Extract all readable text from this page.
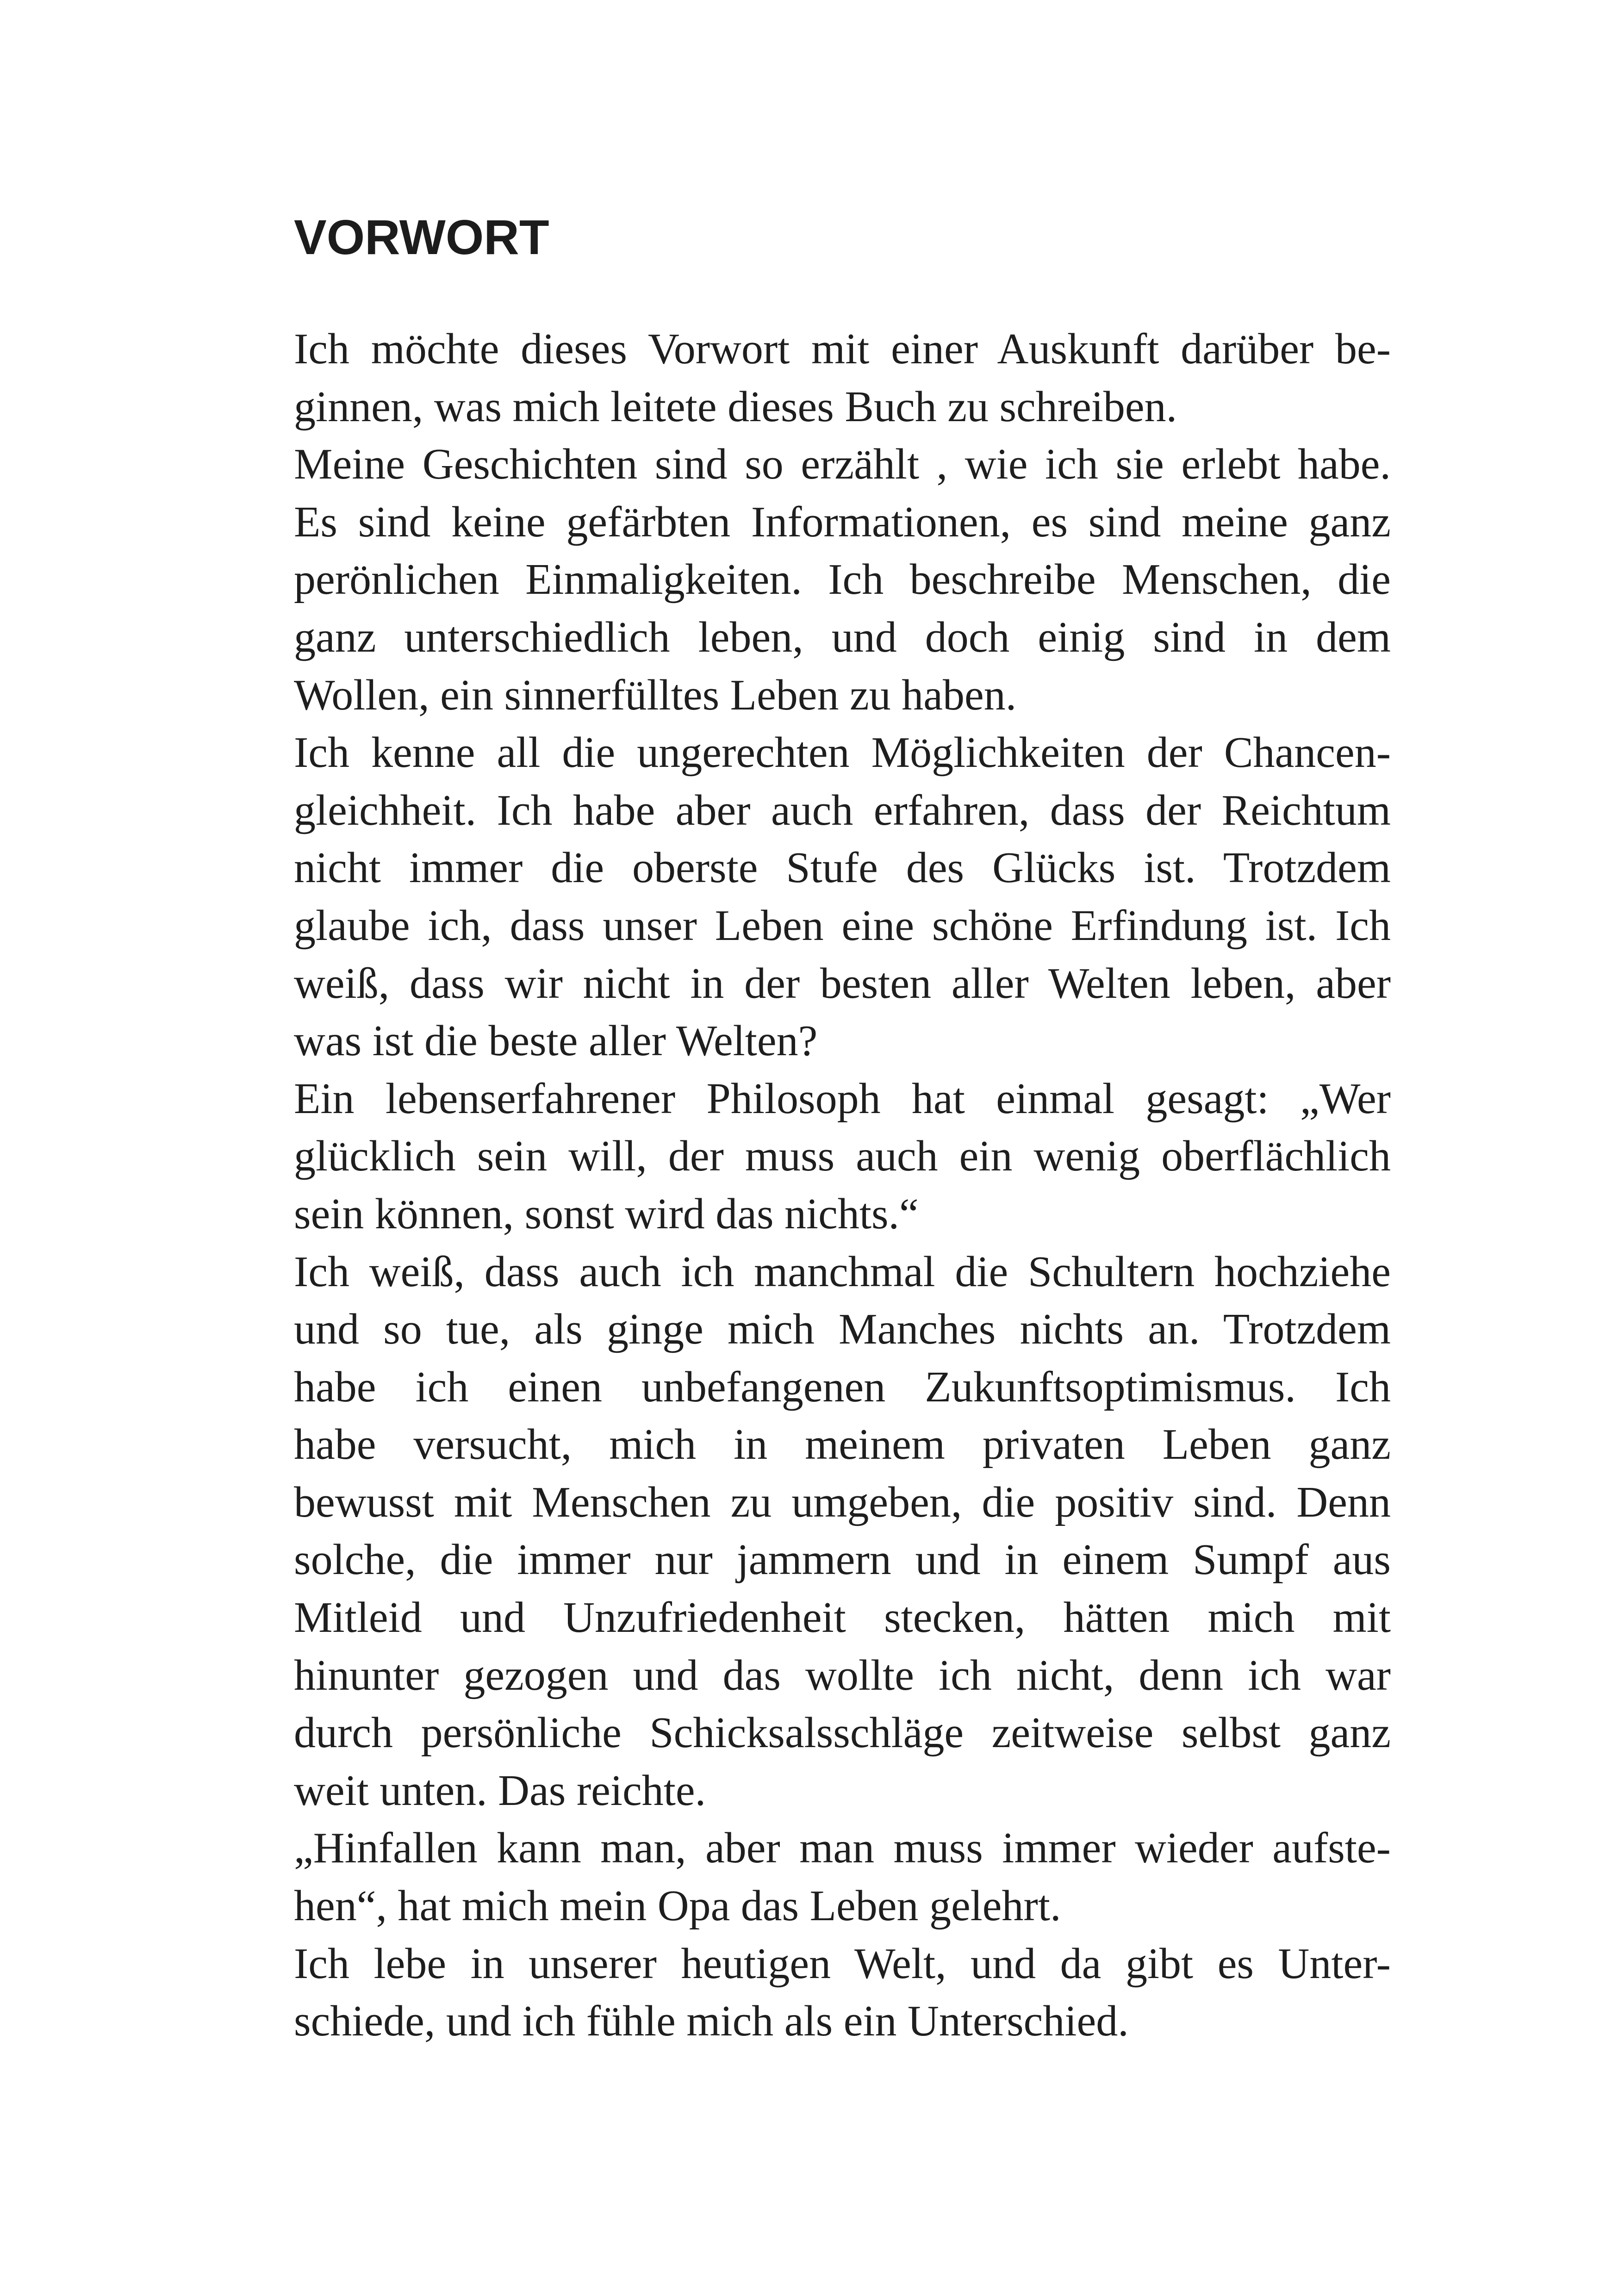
VORWORT
Ich möchte dieses Vorwort mit einer Auskunft darüber be-
ginnen, was mich leitete dieses Buch zu schreiben.
Meine Geschichten sind so erzählt , wie ich sie erlebt habe.
Es sind keine gefärbten Informationen, es sind meine ganz
perönlichen Einmaligkeiten. Ich beschreibe Menschen, die
ganz unterschiedlich leben, und doch einig sind in dem
Wollen, ein sinnerfülltes Leben zu haben.
Ich kenne all die ungerechten Möglichkeiten der Chancen-
gleichheit. Ich habe aber auch erfahren, dass der Reichtum
nicht immer die oberste Stufe des Glücks ist. Trotzdem
glaube ich, dass unser Leben eine schöne Erfindung ist. Ich
weiß, dass wir nicht in der besten aller Welten leben, aber
was ist die beste aller Welten?
Ein lebenserfahrener Philosoph hat einmal gesagt: „Wer
glücklich sein will, der muss auch ein wenig oberflächlich
sein können, sonst wird das nichts.“
Ich weiß, dass auch ich manchmal die Schultern hochziehe
und so tue, als ginge mich Manches nichts an. Trotzdem
habe ich einen unbefangenen Zukunftsoptimismus. Ich
habe versucht, mich in meinem privaten Leben ganz
bewusst mit Menschen zu umgeben, die positiv sind. Denn
solche, die immer nur jammern und in einem Sumpf aus
Mitleid und Unzufriedenheit stecken, hätten mich mit
hinunter gezogen und das wollte ich nicht, denn ich war
durch persönliche Schicksalsschläge zeitweise selbst ganz
weit unten. Das reichte.
„Hinfallen kann man, aber man muss immer wieder aufste-
hen“, hat mich mein Opa das Leben gelehrt.
Ich lebe in unserer heutigen Welt, und da gibt es Unter-
schiede, und ich fühle mich als ein Unterschied.
